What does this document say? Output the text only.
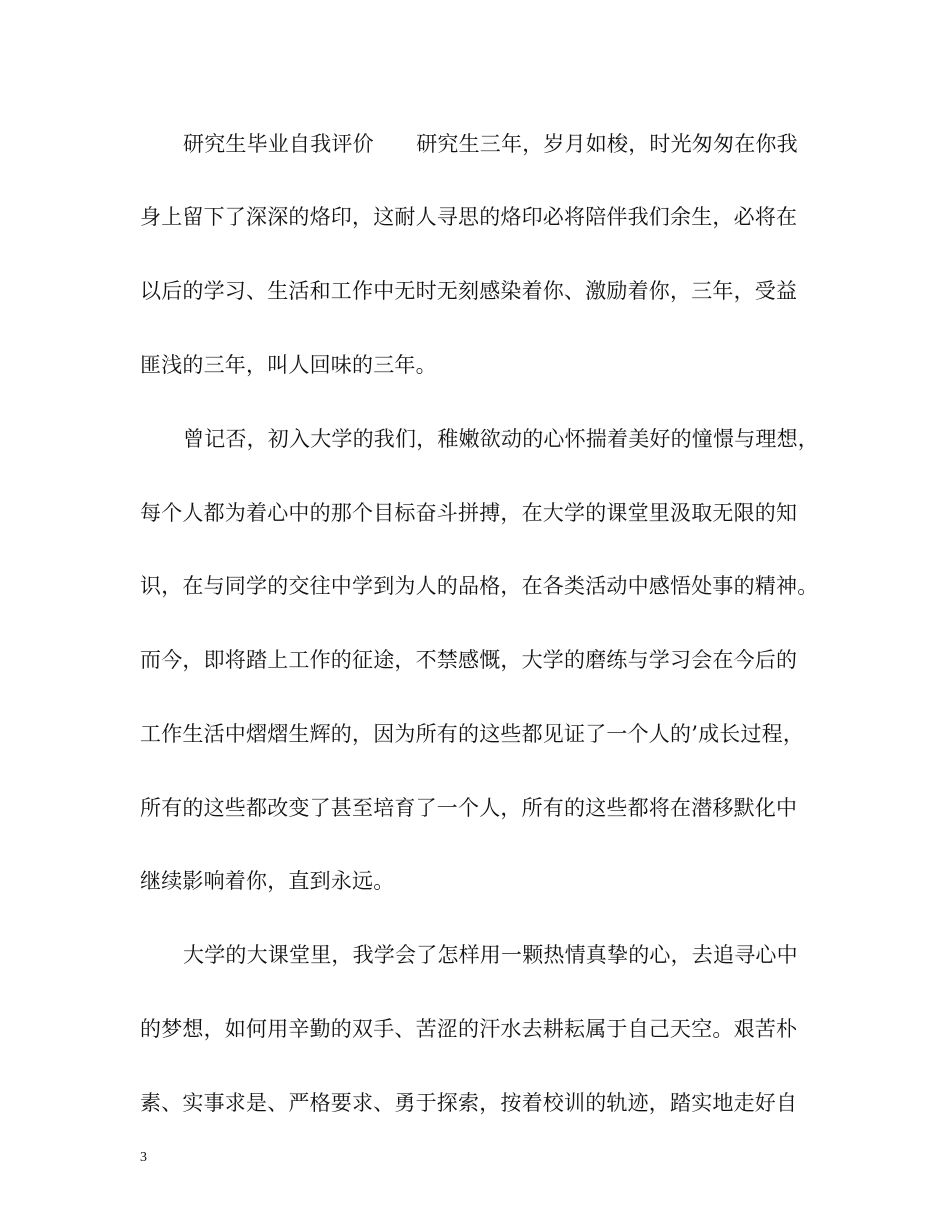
研究生毕业自我评价　　研究生三年，岁月如梭，时光匆匆在你我
身上留下了深深的烙印，这耐人寻思的烙印必将陪伴我们余生，必将在
以后的学习、生活和工作中无时无刻感染着你、激励着你，三年，受益
匪浅的三年，叫人回味的三年。
曾记否，初入大学的我们，稚嫩欲动的心怀揣着美好的憧憬与理想，
每个人都为着心中的那个目标奋斗拼搏，在大学的课堂里汲取无限的知
识，在与同学的交往中学到为人的品格，在各类活动中感悟处事的精神。
而今，即将踏上工作的征途，不禁感慨，大学的磨练与学习会在今后的
工作生活中熠熠生辉的，因为所有的这些都见证了一个人的’成长过程，
所有的这些都改变了甚至培育了一个人，所有的这些都将在潜移默化中
继续影响着你，直到永远。
大学的大课堂里，我学会了怎样用一颗热情真挚的心，去追寻心中
的梦想，如何用辛勤的双手、苦涩的汗水去耕耘属于自己天空。艰苦朴
素、实事求是、严格要求、勇于探索，按着校训的轨迹，踏实地走好自
3
